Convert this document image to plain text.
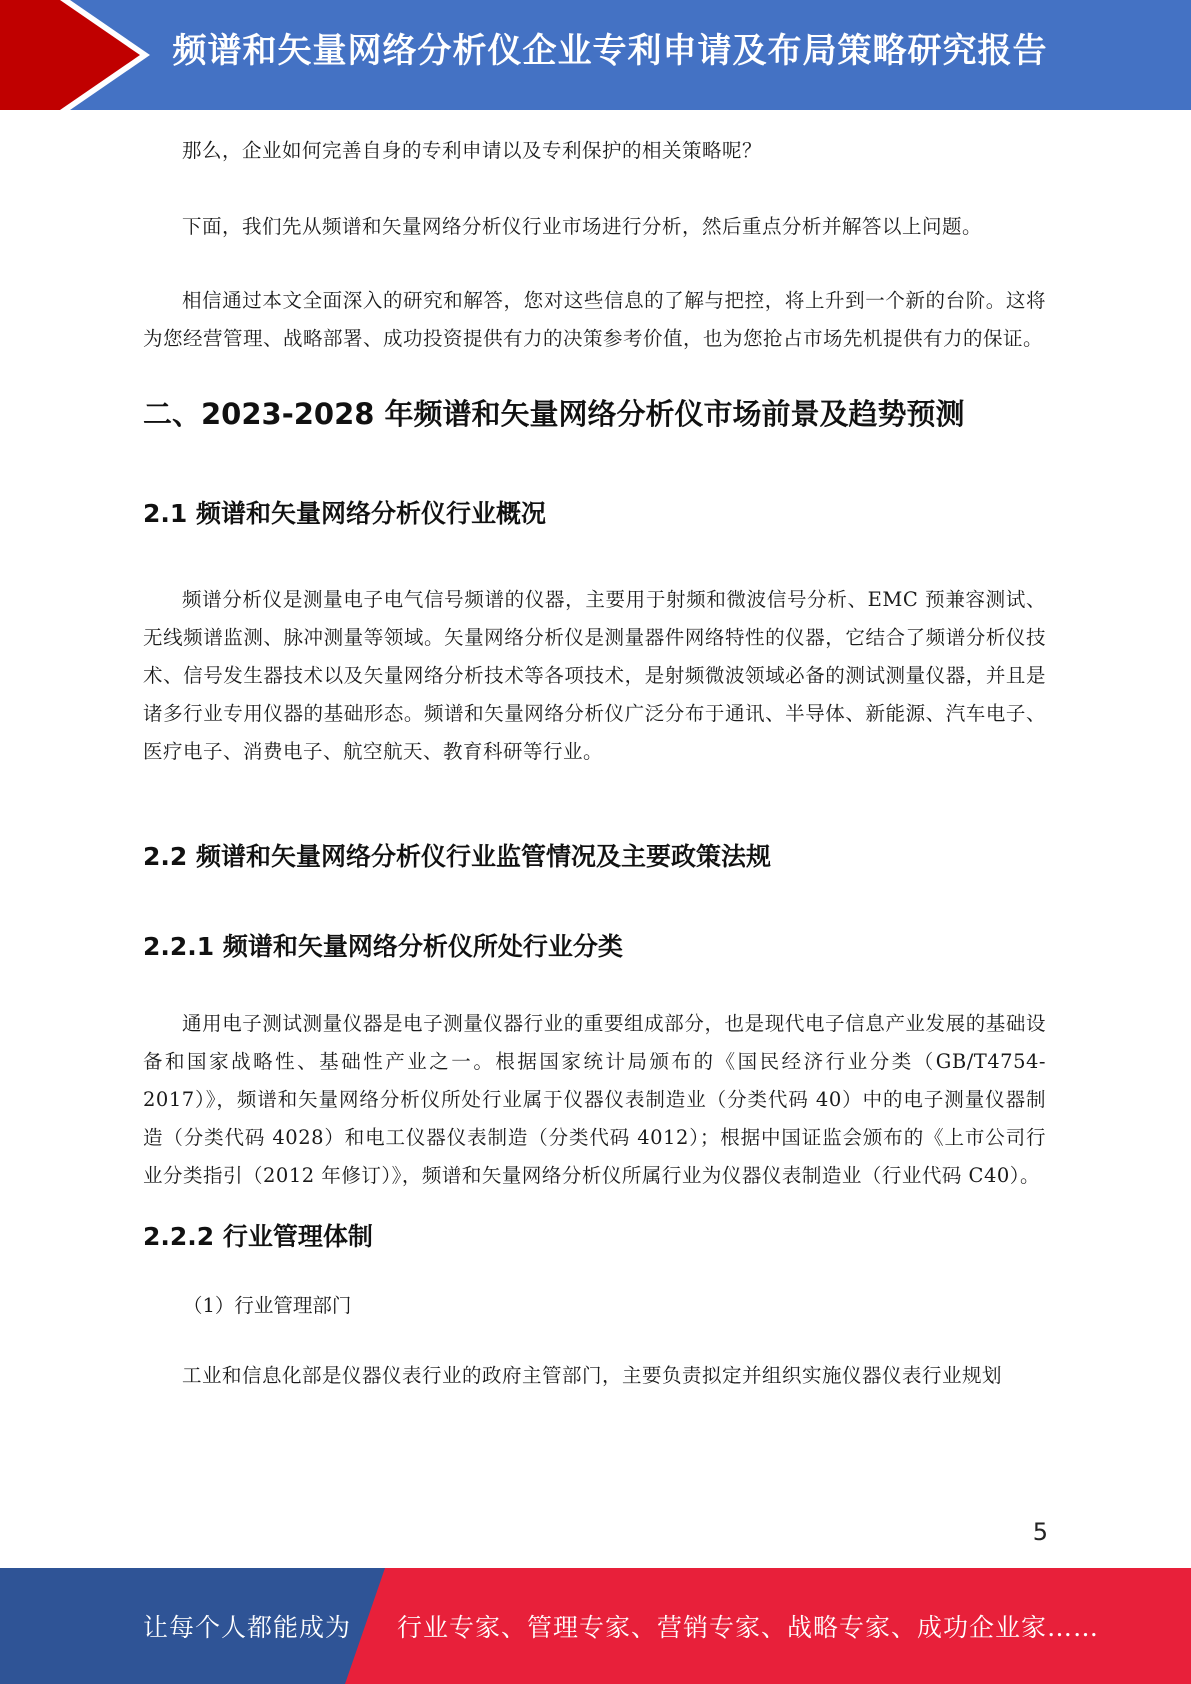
频谱和矢量网络分析仪企业专利申请及布局策略研究报告

那么，企业如何完善自身的专利申请以及专利保护的相关策略呢？

下面，我们先从频谱和矢量网络分析仪行业市场进行分析，然后重点分析并解答以上问题。

相信通过本文全面深入的研究和解答，您对这些信息的了解与把控，将上升到一个新的台阶。这将为您经营管理、战略部署、成功投资提供有力的决策参考价值，也为您抢占市场先机提供有力的保证。

二、2023-2028 年频谱和矢量网络分析仪市场前景及趋势预测
2.1 频谱和矢量网络分析仪行业概况

频谱分析仪是测量电子电气信号频谱的仪器，主要用于射频和微波信号分析、EMC 预兼容测试、无线频谱监测、脉冲测量等领域。矢量网络分析仪是测量器件网络特性的仪器，它结合了频谱分析仪技术、信号发生器技术以及矢量网络分析技术等各项技术，是射频微波领域必备的测试测量仪器，并且是诸多行业专用仪器的基础形态。频谱和矢量网络分析仪广泛分布于通讯、半导体、新能源、汽车电子、医疗电子、消费电子、航空航天、教育科研等行业。

2.2 频谱和矢量网络分析仪行业监管情况及主要政策法规
2.2.1 频谱和矢量网络分析仪所处行业分类

通用电子测试测量仪器是电子测量仪器行业的重要组成部分，也是现代电子信息产业发展的基础设备和国家战略性、基础性产业之一。根据国家统计局颁布的《国民经济行业分类（GB/T4754-2017）》，频谱和矢量网络分析仪所处行业属于仪器仪表制造业（分类代码 40）中的电子测量仪器制造（分类代码 4028）和电工仪器仪表制造（分类代码 4012）；根据中国证监会颁布的《上市公司行业分类指引（2012 年修订）》，频谱和矢量网络分析仪所属行业为仪器仪表制造业（行业代码 C40）。

2.2.2 行业管理体制

（1）行业管理部门

工业和信息化部是仪器仪表行业的政府主管部门，主要负责拟定并组织实施仪器仪表行业规划

5
让每个人都能成为 行业专家、管理专家、营销专家、战略专家、成功企业家……
